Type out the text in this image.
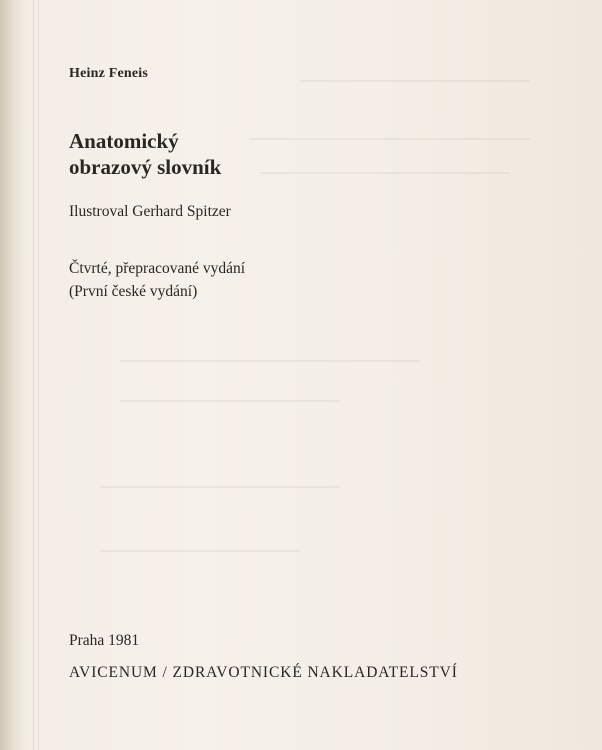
Heinz Feneis

Anatomický
obrazový slovník

Ilustroval Gerhard Spitzer

Čtvrté, přepracované vydání
(První české vydání)

Praha 1981

AVICENUM / ZDRAVOTNICKÉ NAKLADATELSTVÍ
